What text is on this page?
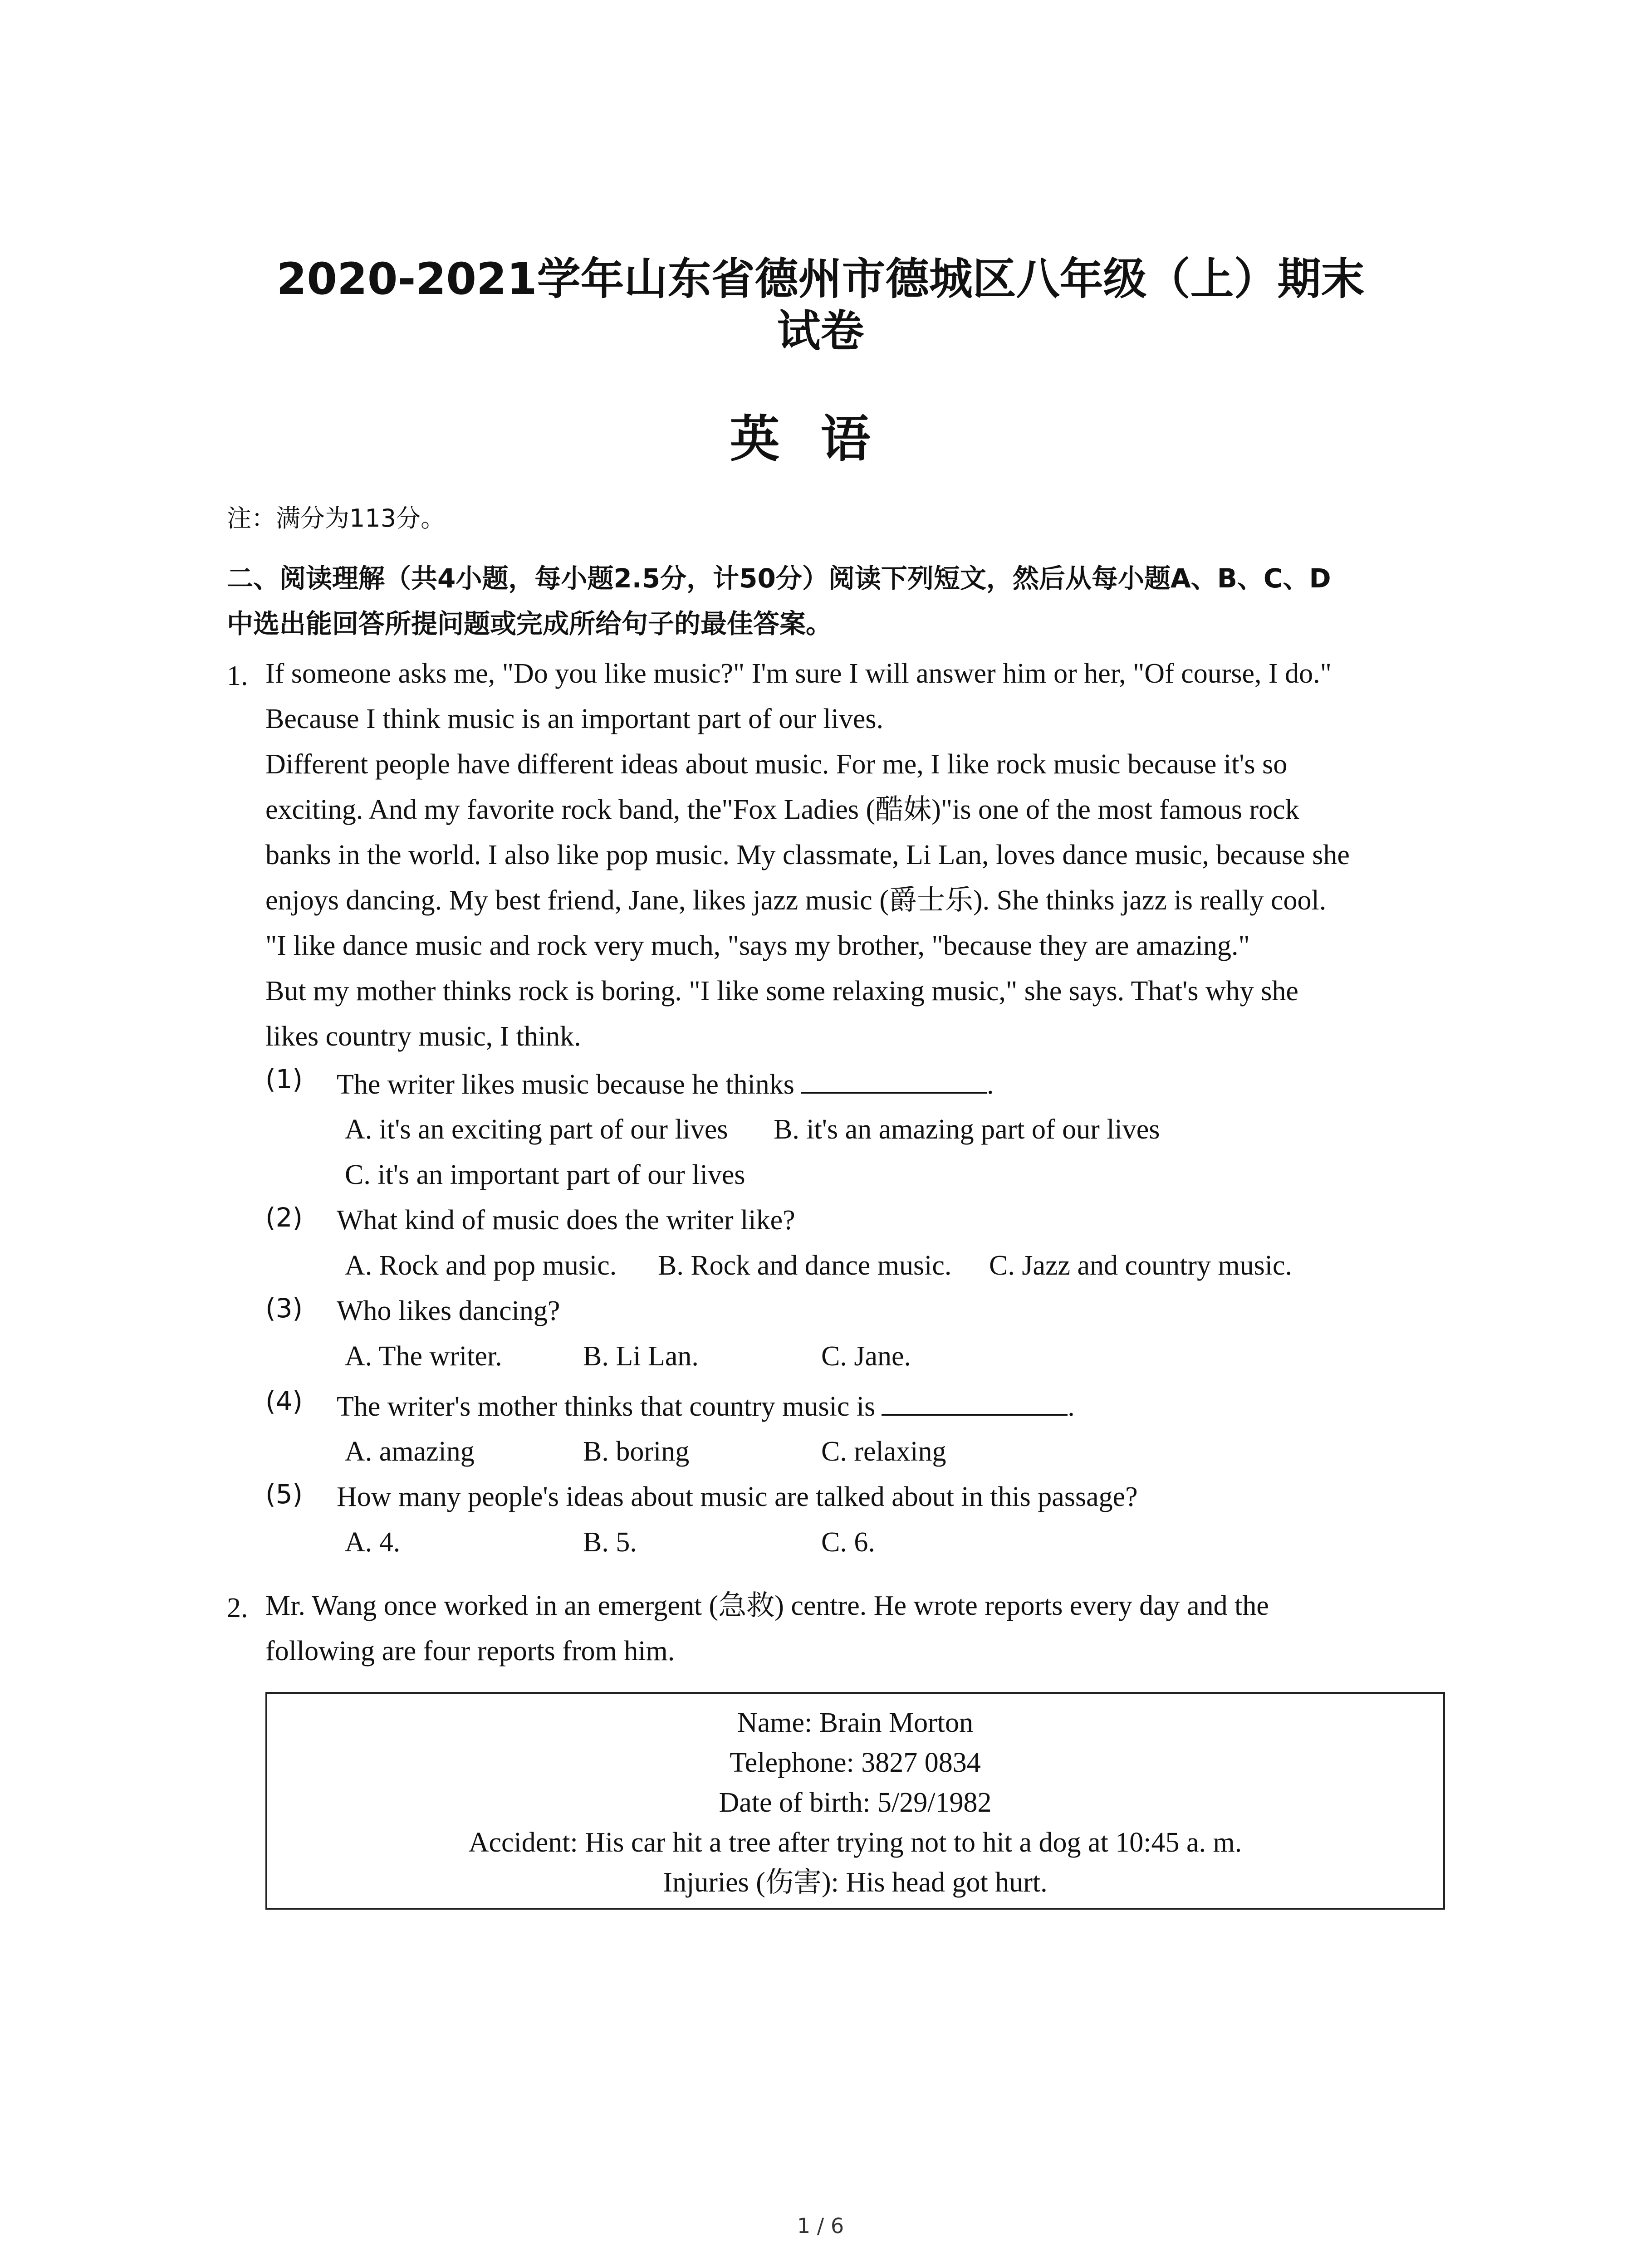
2020-2021学年山东省德州市德城区八年级（上）期末
试卷
英语
注：满分为113分。
二、阅读理解（共4小题，每小题2.5分，计50分）阅读下列短文，然后从每小题A、B、C、D
中选出能回答所提问题或完成所给句子的最佳答案。
1. If someone asks me, "Do you like music?" I'm sure I will answer him or her, "Of course, I do."
Because I think music is an important part of our lives.
Different people have different ideas about music. For me, I like rock music because it's so
exciting. And my favorite rock band, the"Fox Ladies (酷妹)"is one of the most famous rock
banks in the world. I also like pop music. My classmate, Li Lan, loves dance music, because she
enjoys dancing. My best friend, Jane, likes jazz music (爵士乐). She thinks jazz is really cool.
"I like dance music and rock very much, "says my brother, "because they are amazing."
But my mother thinks rock is boring. "I like some relaxing music," she says. That's why she
likes country music, I think.
(1) The writer likes music because he thinks	.
A. it's an exciting part of our lives B. it's an amazing part of our lives
C. it's an important part of our lives
(2) What kind of music does the writer like?
A. Rock and pop music. B. Rock and dance music. C. Jazz and country music.
(3) Who likes dancing?
A. The writer.	B. Li Lan.	C. Jane.
(4) The writer's mother thinks that country music is	.
A. amazing	B. boring	C. relaxing
(5) How many people's ideas about music are talked about in this passage?
A. 4.	B. 5.	C. 6.
2. Mr. Wang once worked in an emergent (急救) centre. He wrote reports every day and the
following are four reports from him.
Name: Brain Morton
Telephone: 3827 0834
Date of birth: 5/29/1982
Accident: His car hit a tree after trying not to hit a dog at 10:45 a. m.
Injuries (伤害): His head got hurt.
1 / 6
